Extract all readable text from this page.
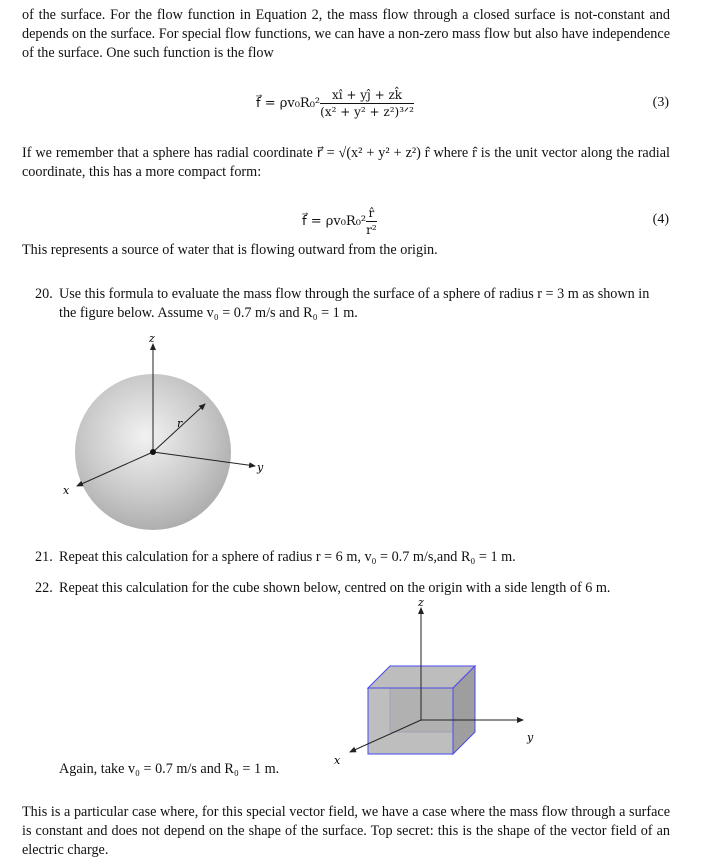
of the surface. For the flow function in Equation 2, the mass flow through a closed surface is not-constant and depends on the surface. For special flow functions, we can have a non-zero mass flow but also have independence of the surface. One such function is the flow
f⃗ = $\rho v_0R_0^2 \frac{xî + yĵ + zk̂}{\text{(x² + y² + z²)³ᐟ²}}$	(3)
If we remember that a sphere has radial coordinate r⃗ = √(x² + y² + z²) r̂ where r̂ is the unit vector along the radial coordinate, this has a more compact form:
f⃗ = $\rho v_0R_0^2 \frac{r̂}{\text{r²}}$	(4)
This represents a source of water that is flowing outward from the origin.
20. Use this formula to evaluate the mass flow through the surface of a sphere of radius r = 3 m as shown in the figure below. Assume v₀ = 0.7 m/s and R₀ = 1 m.
z
y
x
r
21. Repeat this calculation for a sphere of radius r = 6 m, v₀ = 0.7 m/s,and R₀ = 1 m.
22. Repeat this calculation for the cube shown below, centred on the origin with a side length of 6 m.
z
y
x
Again, take v₀ = 0.7 m/s and R₀ = 1 m.
This is a particular case where, for this special vector field, we have a case where the mass flow through a surface is constant and does not depend on the shape of the surface. Top secret: this is the shape of the vector field of an electric charge.
